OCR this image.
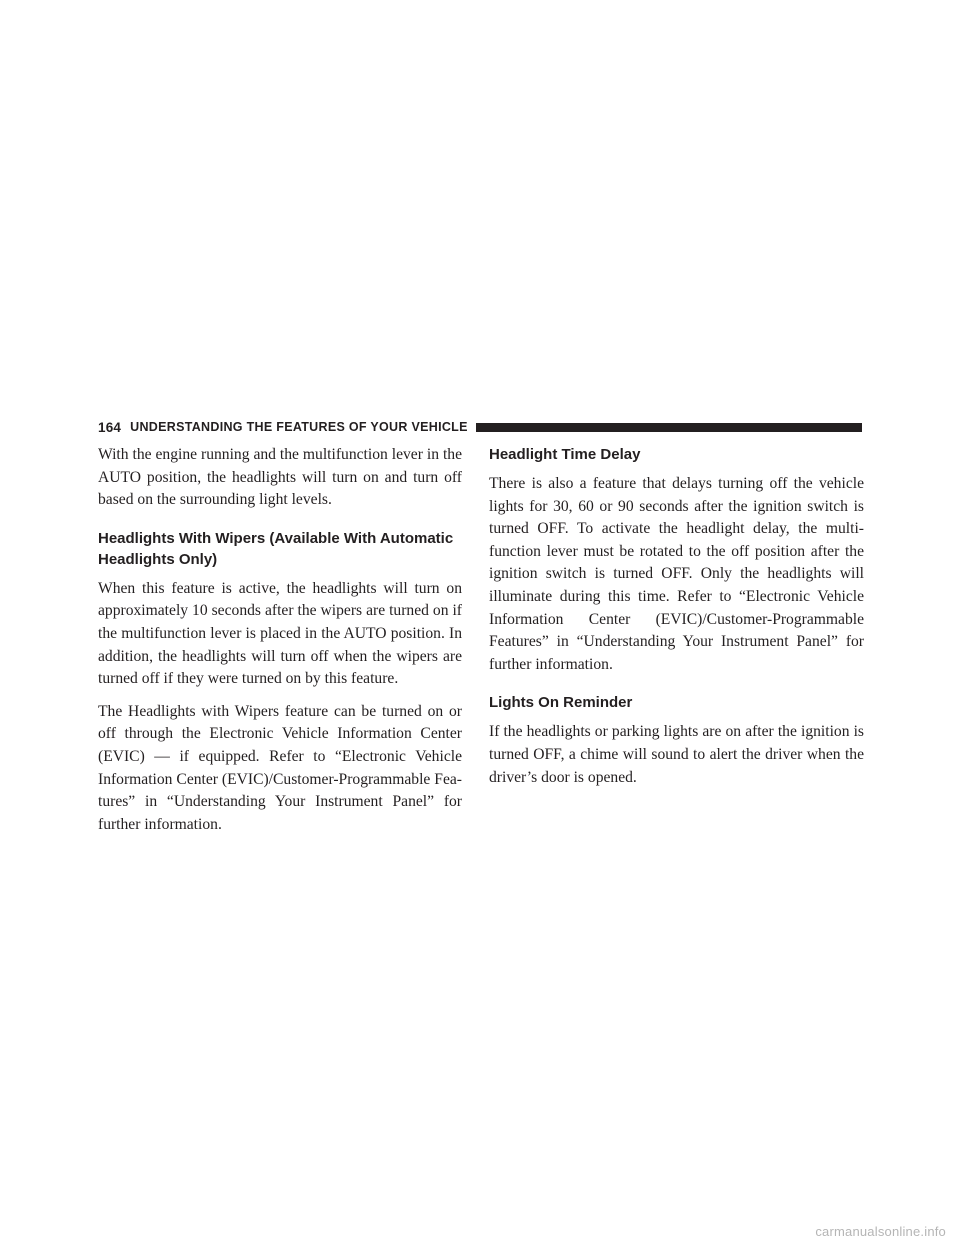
164 UNDERSTANDING THE FEATURES OF YOUR VEHICLE

With the engine running and the multifunction lever in the AUTO position, the headlights will turn on and turn off based on the surrounding light levels.

Headlights With Wipers (Available With Automatic Headlights Only)

When this feature is active, the headlights will turn on approximately 10 seconds after the wipers are turned on if the multifunction lever is placed in the AUTO position. In addition, the headlights will turn off when the wipers are turned off if they were turned on by this feature.

The Headlights with Wipers feature can be turned on or off through the Electronic Vehicle Information Center (EVIC) — if equipped. Refer to “Electronic Vehicle Information Center (EVIC)/Customer-Programmable Features” in “Understanding Your Instrument Panel” for further information.

Headlight Time Delay

There is also a feature that delays turning off the vehicle lights for 30, 60 or 90 seconds after the ignition switch is turned OFF. To activate the headlight delay, the multifunction lever must be rotated to the off position after the ignition switch is turned OFF. Only the headlights will illuminate during this time. Refer to “Electronic Vehicle Information Center (EVIC)/Customer-Programmable Features” in “Understanding Your Instrument Panel” for further information.

Lights On Reminder

If the headlights or parking lights are on after the ignition is turned OFF, a chime will sound to alert the driver when the driver’s door is opened.

carmanualsonline.info
